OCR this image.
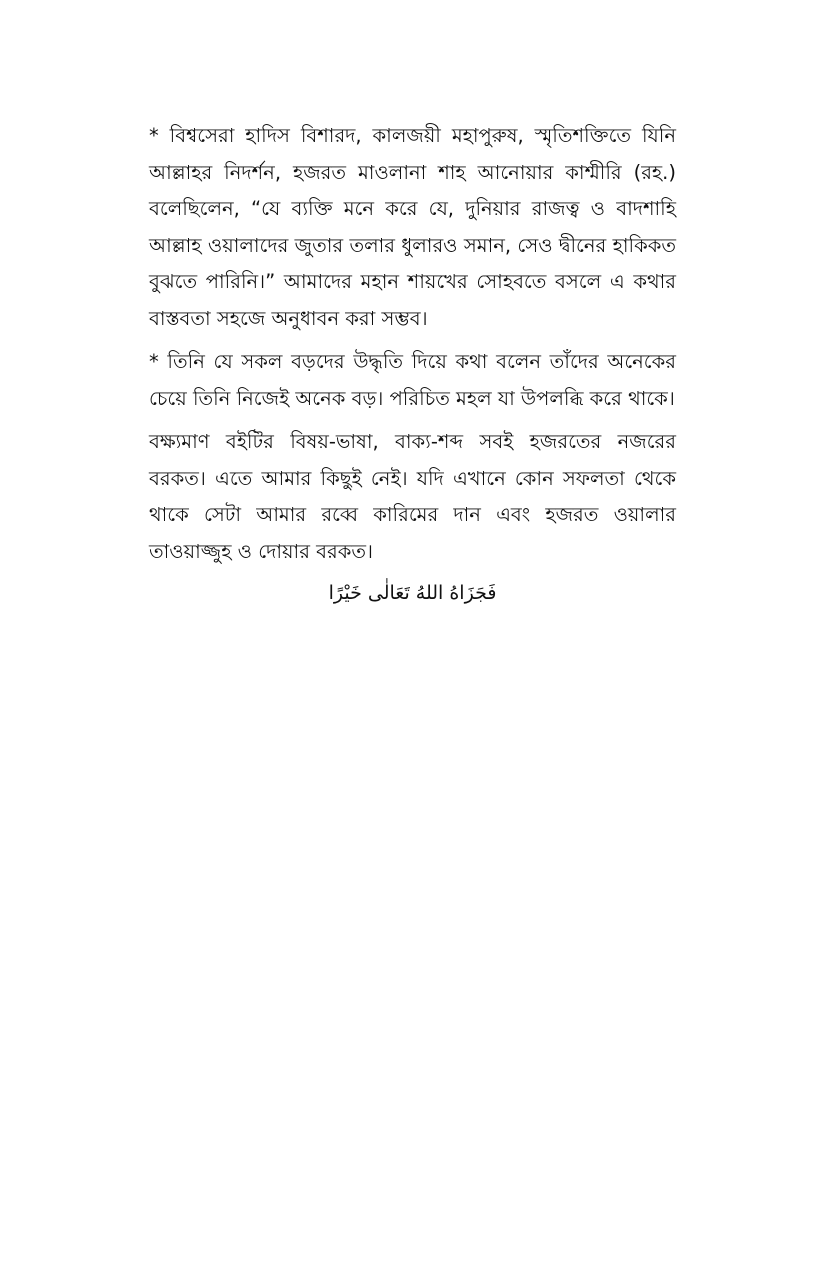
* বিশ্বসেরা হাদিস বিশারদ, কালজয়ী মহাপুরুষ, স্মৃতিশক্তিতে যিনি আল্লাহর নিদর্শন, হজরত মাওলানা শাহ আনোয়ার কাশ্মীরি (রহ.) বলেছিলেন, “যে ব্যক্তি মনে করে যে, দুনিয়ার রাজত্ব ও বাদশাহি আল্লাহ ওয়ালাদের জুতার তলার ধুলারও সমান, সেও দ্বীনের হাকিকত বুঝতে পারিনি।” আমাদের মহান শায়খের সোহবতে বসলে এ কথার বাস্তবতা সহজে অনুধাবন করা সম্ভব।

* তিনি যে সকল বড়দের উদ্ধৃতি দিয়ে কথা বলেন তাঁদের অনেকের চেয়ে তিনি নিজেই অনেক বড়। পরিচিত মহল যা উপলব্ধি করে থাকে।

বক্ষ্যমাণ বইটির বিষয়-ভাষা, বাক্য-শব্দ সবই হজরতের নজরের বরকত। এতে আমার কিছুই নেই। যদি এখানে কোন সফলতা থেকে থাকে সেটা আমার রব্বে কারিমের দান এবং হজরত ওয়ালার তাওয়াজ্জুহ ও দোয়ার বরকত।

فَجَزَاهُ اللهُ تَعَالٰى خَيْرًا
